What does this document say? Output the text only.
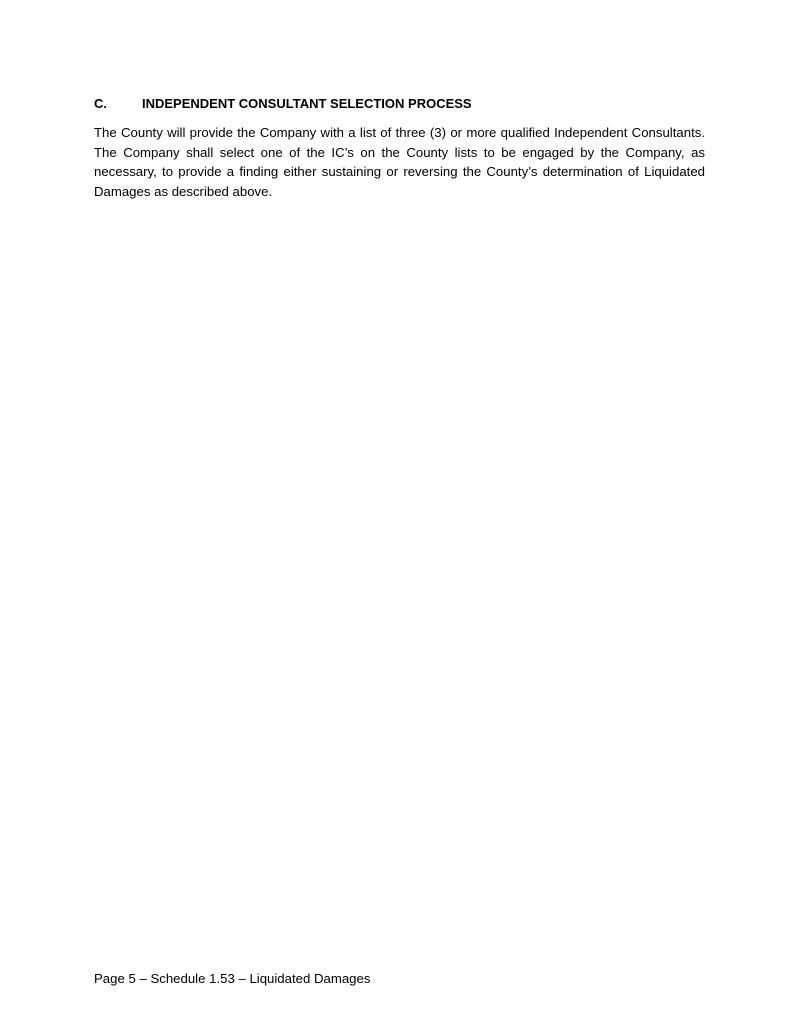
C.	INDEPENDENT CONSULTANT SELECTION PROCESS

The County will provide the Company with a list of three (3) or more qualified Independent Consultants. The Company shall select one of the IC’s on the County lists to be engaged by the Company, as necessary, to provide a finding either sustaining or reversing the County’s determination of Liquidated Damages as described above.

Page 5 – Schedule 1.53 – Liquidated Damages
